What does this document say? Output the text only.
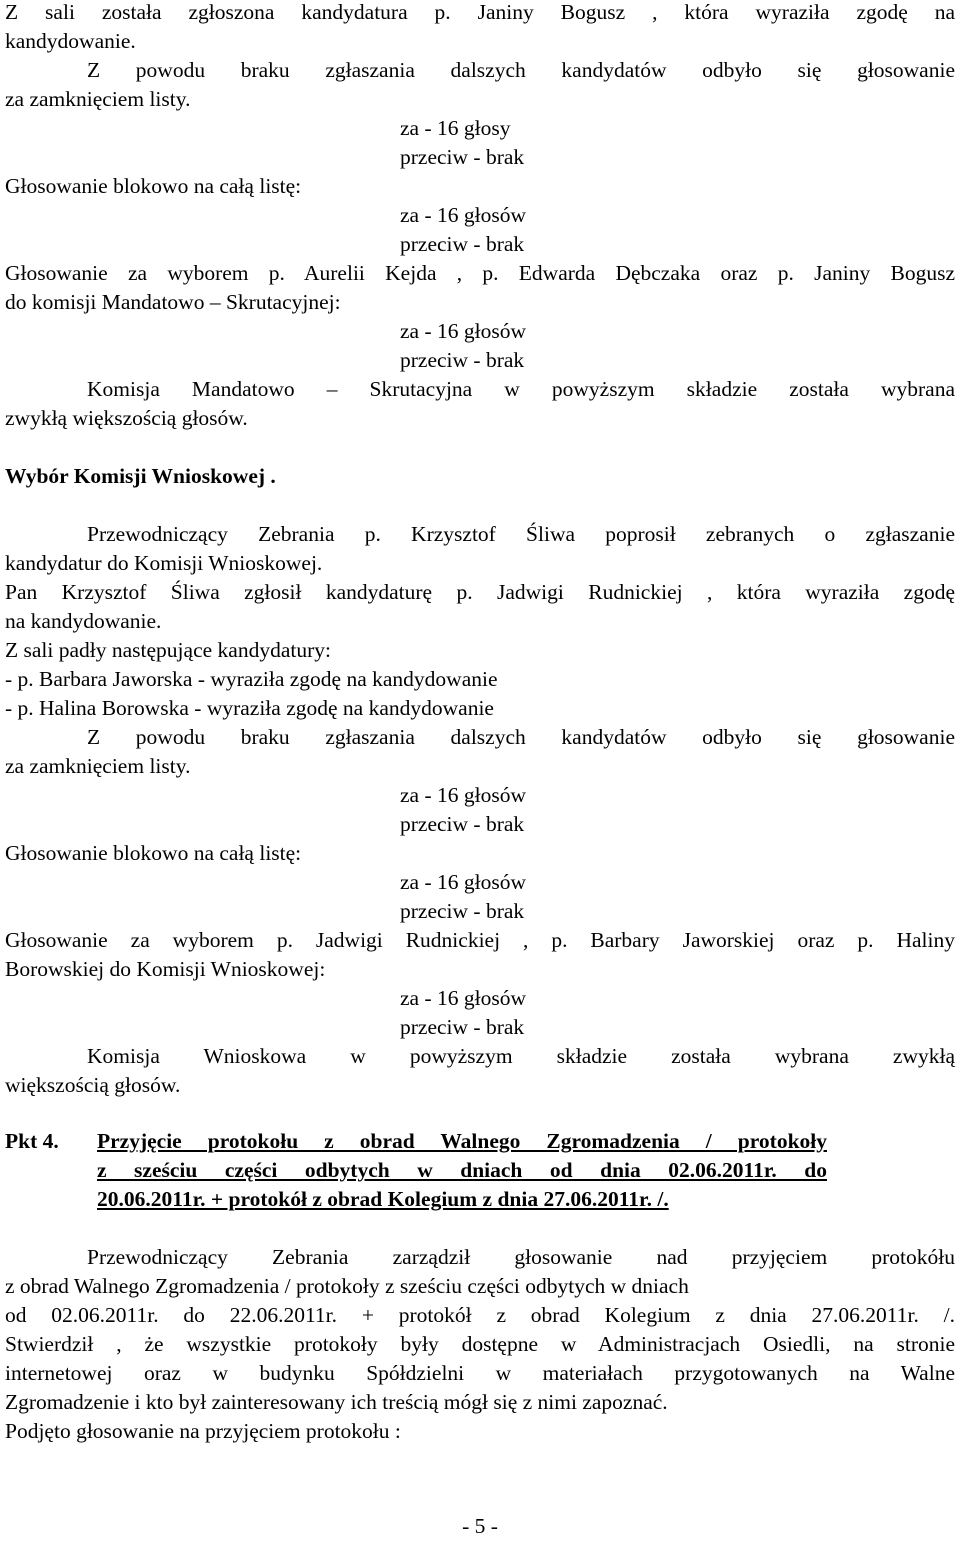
Z sali została zgłoszona kandydatura p. Janiny Bogusz , która wyraziła zgodę na
kandydowanie.
Z powodu braku zgłaszania dalszych kandydatów odbyło się głosowanie
za zamknięciem listy.
za - 16 głosy
przeciw - brak
Głosowanie blokowo na całą listę:
za - 16 głosów
przeciw - brak
Głosowanie za wyborem p. Aurelii Kejda , p. Edwarda Dębczaka oraz p. Janiny Bogusz
do komisji Mandatowo – Skrutacyjnej:
za - 16 głosów
przeciw - brak
Komisja Mandatowo – Skrutacyjna w powyższym składzie została wybrana
zwykłą większością głosów.
Wybór Komisji Wnioskowej .
Przewodniczący Zebrania p. Krzysztof Śliwa poprosił zebranych o zgłaszanie
kandydatur do Komisji Wnioskowej.
Pan Krzysztof Śliwa zgłosił kandydaturę p. Jadwigi Rudnickiej , która wyraziła zgodę
na kandydowanie.
Z sali padły następujące kandydatury:
- p. Barbara Jaworska - wyraziła zgodę na kandydowanie
- p. Halina Borowska - wyraziła zgodę na kandydowanie
Z powodu braku zgłaszania dalszych kandydatów odbyło się głosowanie
za zamknięciem listy.
za - 16 głosów
przeciw - brak
Głosowanie blokowo na całą listę:
za - 16 głosów
przeciw - brak
Głosowanie za wyborem p. Jadwigi Rudnickiej , p. Barbary Jaworskiej oraz p. Haliny
Borowskiej do Komisji Wnioskowej:
za - 16 głosów
przeciw - brak
Komisja Wnioskowa w powyższym składzie została wybrana zwykłą
większością głosów.
Pkt 4. Przyjęcie protokołu z obrad Walnego Zgromadzenia / protokoły
z sześciu części odbytych w dniach od dnia 02.06.2011r. do
20.06.2011r. + protokół z obrad Kolegium z dnia 27.06.2011r. /.
Przewodniczący Zebrania zarządził głosowanie nad przyjęciem protokółu
z obrad Walnego Zgromadzenia / protokoły z sześciu części odbytych w dniach
od 02.06.2011r. do 22.06.2011r. + protokół z obrad Kolegium z dnia 27.06.2011r. /.
Stwierdził , że wszystkie protokoły były dostępne w Administracjach Osiedli, na stronie
internetowej oraz w budynku Spółdzielni w materiałach przygotowanych na Walne
Zgromadzenie i kto był zainteresowany ich treścią mógł się z nimi zapoznać.
Podjęto głosowanie na przyjęciem protokołu :
- 5 -
